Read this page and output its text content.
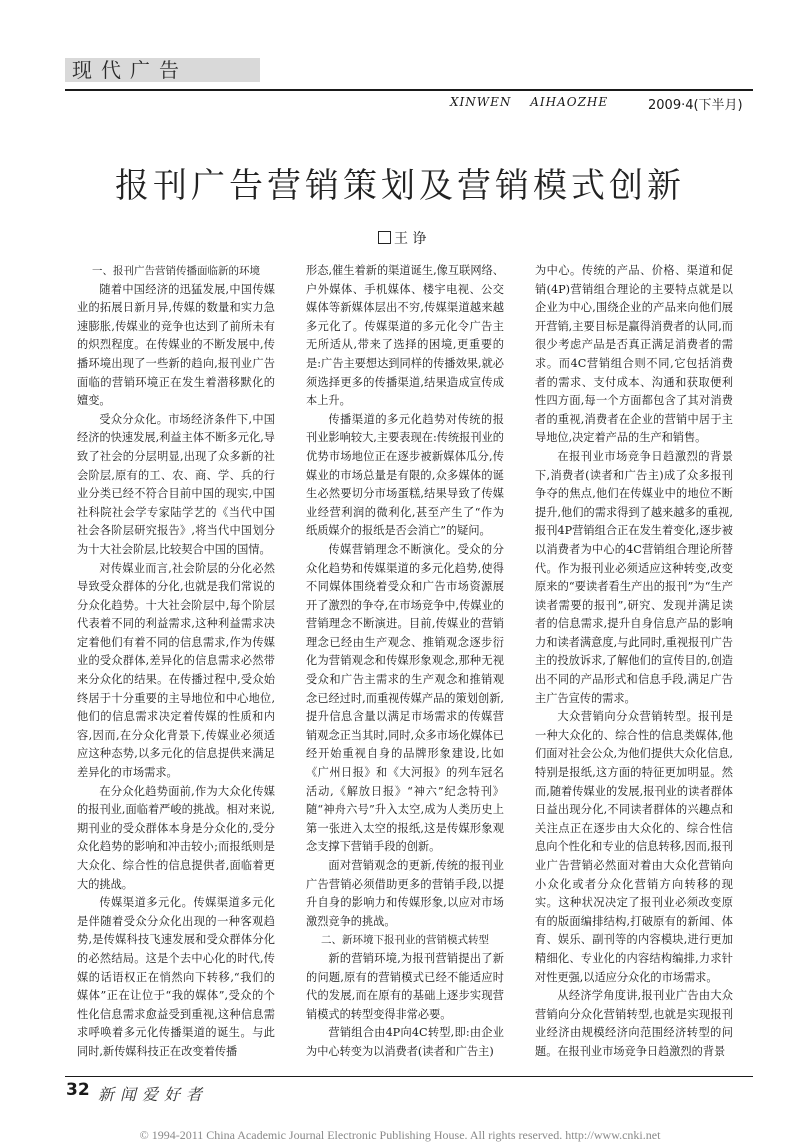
现代广告
XINWEN AIHAOZHE	2009·4(下半月)
报刊广告营销策划及营销模式创新
王 诤

一、报刊广告营销传播面临新的环境

随着中国经济的迅猛发展,中国传媒业的拓展日新月异,传媒的数量和实力急速膨胀,传媒业的竞争也达到了前所未有的炽烈程度。在传媒业的不断发展中,传播环境出现了一些新的趋向,报刊业广告面临的营销环境正在发生着潜移默化的嬗变。

受众分众化。市场经济条件下,中国经济的快速发展,利益主体不断多元化,导致了社会的分层明显,出现了众多新的社会阶层,原有的工、农、商、学、兵的行业分类已经不符合目前中国的现实,中国社科院社会学专家陆学艺的《当代中国社会各阶层研究报告》,将当代中国划分为十大社会阶层,比较契合中国的国情。

对传媒业而言,社会阶层的分化必然导致受众群体的分化,也就是我们常说的分众化趋势。十大社会阶层中,每个阶层代表着不同的利益需求,这种利益需求决定着他们有着不同的信息需求,作为传媒业的受众群体,差异化的信息需求必然带来分众化的结果。在传播过程中,受众始终居于十分重要的主导地位和中心地位,他们的信息需求决定着传媒的性质和内容,因而,在分众化背景下,传媒业必须适应这种态势,以多元化的信息提供来满足差异化的市场需求。

在分众化趋势面前,作为大众化传媒的报刊业,面临着严峻的挑战。相对来说,期刊业的受众群体本身是分众化的,受分众化趋势的影响和冲击较小;而报纸则是大众化、综合性的信息提供者,面临着更大的挑战。

传媒渠道多元化。传媒渠道多元化是伴随着受众分众化出现的一种客观趋势,是传媒科技飞速发展和受众群体分化的必然结局。这是个去中心化的时代,传媒的话语权正在悄然向下转移,“我们的媒体”正在让位于“我的媒体”,受众的个性化信息需求愈益受到重视,这种信息需求呼唤着多元化传播渠道的诞生。与此同时,新传媒科技正在改变着传播

形态,催生着新的渠道诞生,像互联网络、户外媒体、手机媒体、楼宇电视、公交媒体等新媒体层出不穷,传媒渠道越来越多元化了。传媒渠道的多元化令广告主无所适从,带来了选择的困境,更重要的是:广告主要想达到同样的传播效果,就必须选择更多的传播渠道,结果造成宣传成本上升。

传播渠道的多元化趋势对传统的报刊业影响较大,主要表现在:传统报刊业的优势市场地位正在逐步被新媒体瓜分,传媒业的市场总量是有限的,众多媒体的诞生必然要切分市场蛋糕,结果导致了传媒业经营利润的微利化,甚至产生了“作为纸质媒介的报纸是否会消亡”的疑问。

传媒营销理念不断演化。受众的分众化趋势和传媒渠道的多元化趋势,使得不同媒体围绕着受众和广告市场资源展开了激烈的争夺,在市场竞争中,传媒业的营销理念不断演进。目前,传媒业的营销理念已经由生产观念、推销观念逐步衍化为营销观念和传媒形象观念,那种无视受众和广告主需求的生产观念和推销观念已经过时,而重视传媒产品的策划创新,提升信息含量以满足市场需求的传媒营销观念正当其时,同时,众多市场化媒体已经开始重视自身的品牌形象建设,比如《广州日报》和《大河报》的列车冠名活动,《解放日报》“神六”纪念特刊》随“神舟六号”升入太空,成为人类历史上第一张进入太空的报纸,这是传媒形象观念支撑下营销手段的创新。

面对营销观念的更新,传统的报刊业广告营销必须借助更多的营销手段,以提升自身的影响力和传媒形象,以应对市场激烈竞争的挑战。

二、新环境下报刊业的营销模式转型

新的营销环境,为报刊营销提出了新的问题,原有的营销模式已经不能适应时代的发展,而在原有的基础上逐步实现营销模式的转型变得非常必要。

营销组合由4P向4C转型,即:由企业为中心转变为以消费者(读者和广告主)

为中心。传统的产品、价格、渠道和促销(4P)营销组合理论的主要特点就是以企业为中心,围绕企业的产品来向他们展开营销,主要目标是赢得消费者的认同,而很少考虑产品是否真正满足消费者的需求。而4C营销组合则不同,它包括消费者的需求、支付成本、沟通和获取便利性四方面,每一个方面都包含了其对消费者的重视,消费者在企业的营销中居于主导地位,决定着产品的生产和销售。

在报刊业市场竞争日趋激烈的背景下,消费者(读者和广告主)成了众多报刊争夺的焦点,他们在传媒业中的地位不断提升,他们的需求得到了越来越多的重视,报刊4P营销组合正在发生着变化,逐步被以消费者为中心的4C营销组合理论所替代。作为报刊业必须适应这种转变,改变原来的“要读者看生产出的报刊”为“生产读者需要的报刊”,研究、发现并满足读者的信息需求,提升自身信息产品的影响力和读者满意度,与此同时,重视报刊广告主的投放诉求,了解他们的宣传目的,创造出不同的产品形式和信息手段,满足广告主广告宣传的需求。

大众营销向分众营销转型。报刊是一种大众化的、综合性的信息类媒体,他们面对社会公众,为他们提供大众化信息,特别是报纸,这方面的特征更加明显。然而,随着传媒业的发展,报刊业的读者群体日益出现分化,不同读者群体的兴趣点和关注点正在逐步由大众化的、综合性信息向个性化和专业的信息转移,因而,报刊业广告营销必然面对着由大众化营销向小众化或者分众化营销方向转移的现实。这种状况决定了报刊业必须改变原有的版面编排结构,打破原有的新闻、体育、娱乐、副刊等的内容模块,进行更加精细化、专业化的内容结构编排,力求针对性更强,以适应分众化的市场需求。

从经济学角度讲,报刊业广告由大众营销向分众化营销转型,也就是实现报刊业经济由规模经济向范围经济转型的问题。在报刊业市场竞争日趋激烈的背景

32 新闻爱好者
© 1994-2011 China Academic Journal Electronic Publishing House. All rights reserved. http://www.cnki.net
